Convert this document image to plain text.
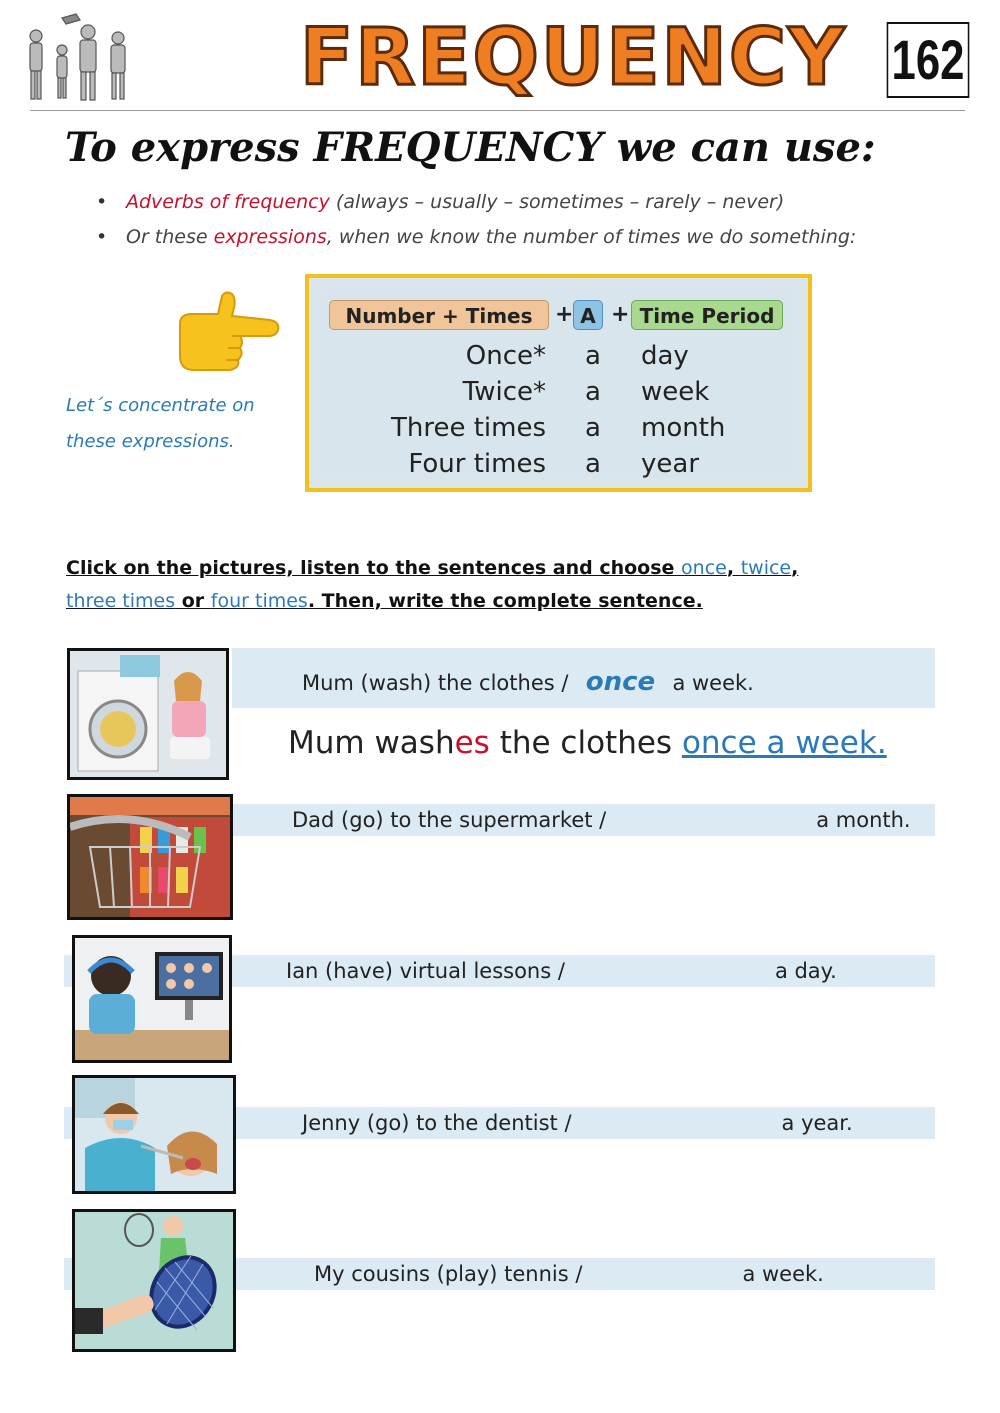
FREQUENCY 162
To express FREQUENCY we can use:
• Adverbs of frequency (always – usually – sometimes – rarely – never)
• Or these expressions, when we know the number of times we do something:
Let´s concentrate on
these expressions.
Number + Times	+ A + Time Period
Once* a day
Twice* a week
Three times a month
Four times a year
Click on the pictures, listen to the sentences and choose once, twice,
three times or four times. Then, write the complete sentence.
Mum (wash) the clothes / once a week.
Mum washes the clothes once a week.
Dad (go) to the supermarket /	a month.
Ian (have) virtual lessons /	a day.
Jenny (go) to the dentist /	a year.
My cousins (play) tennis /	a week.
